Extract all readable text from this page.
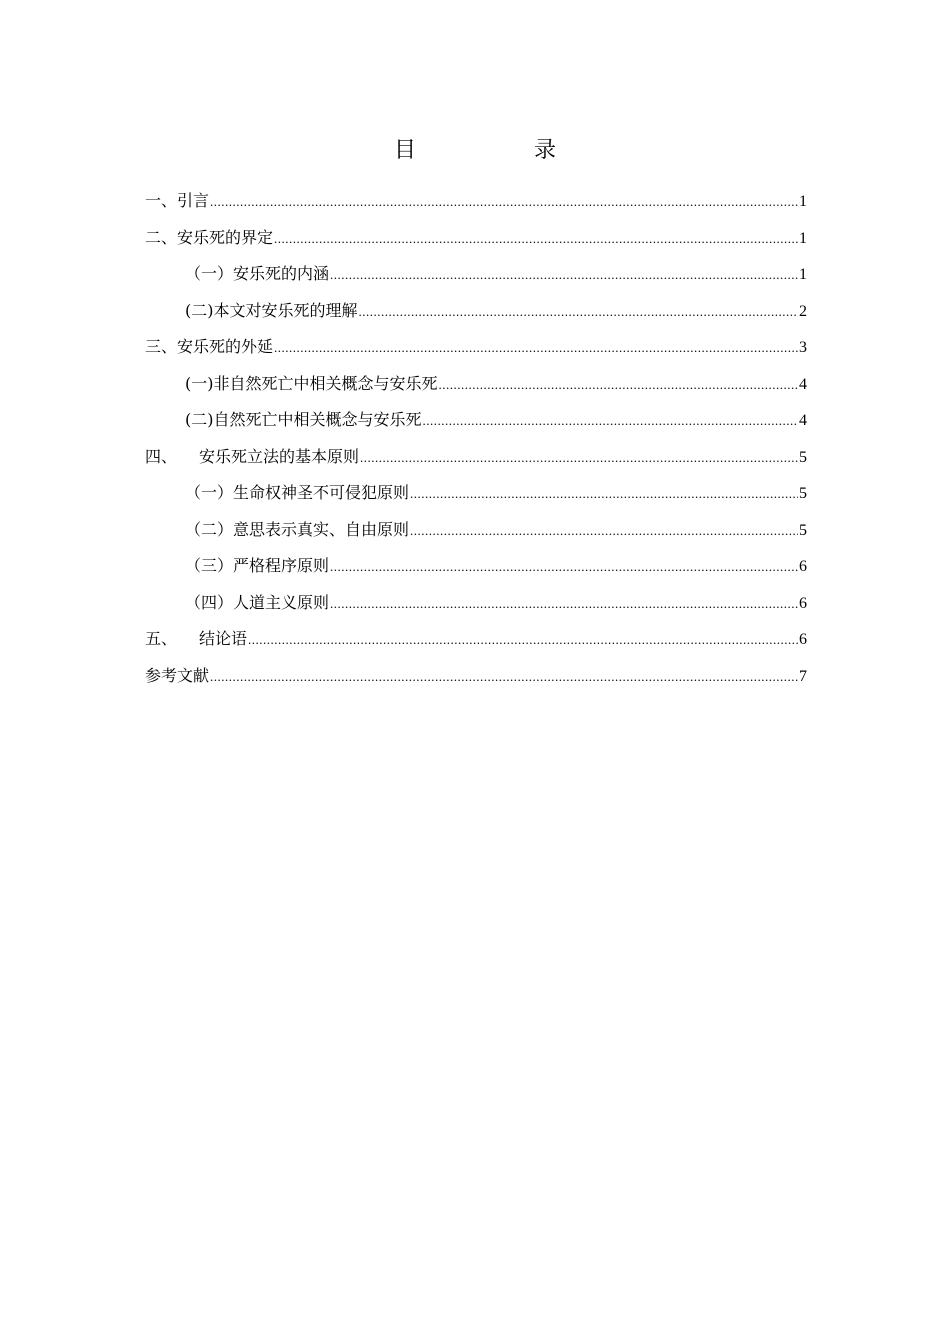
目	录
一、引言 .....	1
二、安乐死的界定 .....	1
（一）安乐死的内涵 .....	1
(二)本文对安乐死的理解 .....	2
三、安乐死的外延 .....	3
(一)非自然死亡中相关概念与安乐死 .....	4
(二)自然死亡中相关概念与安乐死 .....	4
四、 安乐死立法的基本原则 .....	5
（一）生命权神圣不可侵犯原则 .....	5
（二）意思表示真实、自由原则 .....	5
（三）严格程序原则 .....	6
（四）人道主义原则 .....	6
五、 结论语 .....	6
参考文献 .....	7
